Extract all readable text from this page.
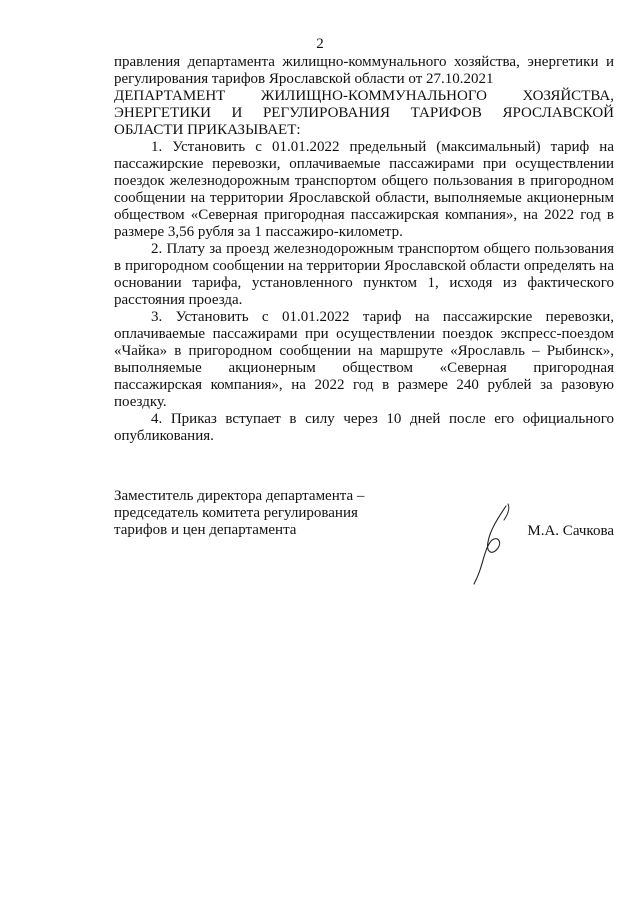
2

правления департамента жилищно-коммунального хозяйства, энергетики и регулирования тарифов Ярославской области от 27.10.2021

ДЕПАРТАМЕНТ ЖИЛИЩНО-КОММУНАЛЬНОГО ХОЗЯЙСТВА, ЭНЕРГЕТИКИ И РЕГУЛИРОВАНИЯ ТАРИФОВ ЯРОСЛАВСКОЙ
ОБЛАСТИ ПРИКАЗЫВАЕТ:

1. Установить с 01.01.2022 предельный (максимальный) тариф на пассажирские перевозки, оплачиваемые пассажирами при осуществлении поездок железнодорожным транспортом общего пользования в пригородном сообщении на территории Ярославской области, выполняемые акционерным обществом «Северная пригородная пассажирская компания», на 2022 год в размере 3,56 рубля за 1 пассажиро-километр.

2. Плату за проезд железнодорожным транспортом общего пользования в пригородном сообщении на территории Ярославской области определять на основании тарифа, установленного пунктом 1, исходя из фактического расстояния проезда.

3. Установить с 01.01.2022 тариф на пассажирские перевозки, оплачиваемые пассажирами при осуществлении поездок экспресс-поездом «Чайка» в пригородном сообщении на маршруте «Ярославль – Рыбинск», выполняемые акционерным обществом «Северная пригородная пассажирская компания», на 2022 год в размере 240 рублей за разовую поездку.

4. Приказ вступает в силу через 10 дней после его официального опубликования.

Заместитель директора департамента –
председатель комитета регулирования
тарифов и цен департамента	М.А. Сачкова
